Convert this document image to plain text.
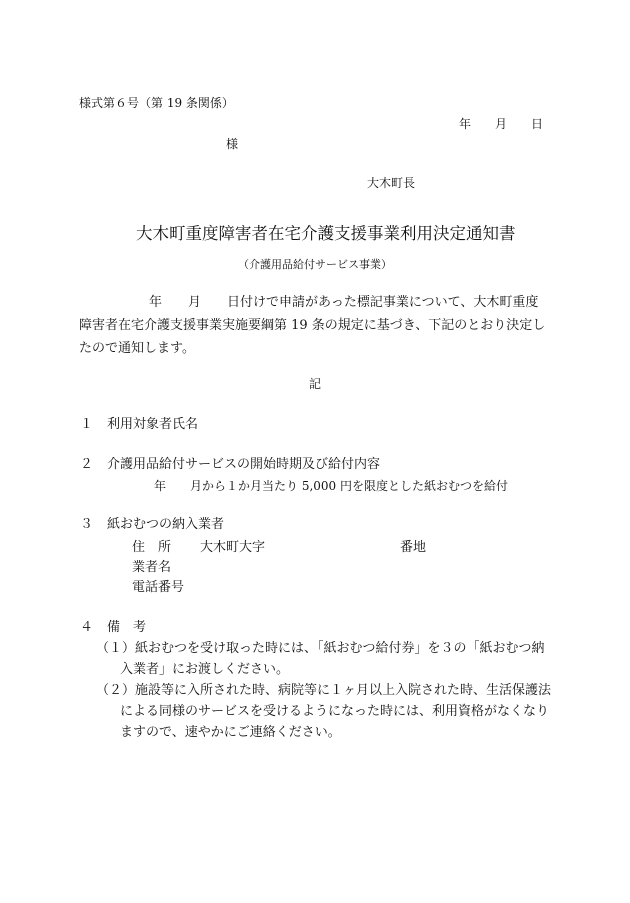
様式第６号（第 19 条関係）
年　　月　　日
様
大木町長
大木町重度障害者在宅介護支援事業利用決定通知書
（介護用品給付サービス事業）
年　　月　　日付けで申請があった標記事業について、大木町重度
障害者在宅介護支援事業実施要綱第 19 条の規定に基づき、下記のとおり決定し
たので通知します。
記
１ 利用対象者氏名
２ 介護用品給付サービスの開始時期及び給付内容
年　　月から１か月当たり 5,000 円を限度とした紙おむつを給付
３ 紙おむつの納入業者
住　所 大木町大字	番地
業者名
電話番号
４ 備　考
（１）紙おむつを受け取った時には、「紙おむつ給付券」を３の「紙おむつ納
入業者」にお渡しください。
（２）施設等に入所された時、病院等に１ヶ月以上入院された時、生活保護法
による同様のサービスを受けるようになった時には、利用資格がなくなり
ますので、速やかにご連絡ください。
